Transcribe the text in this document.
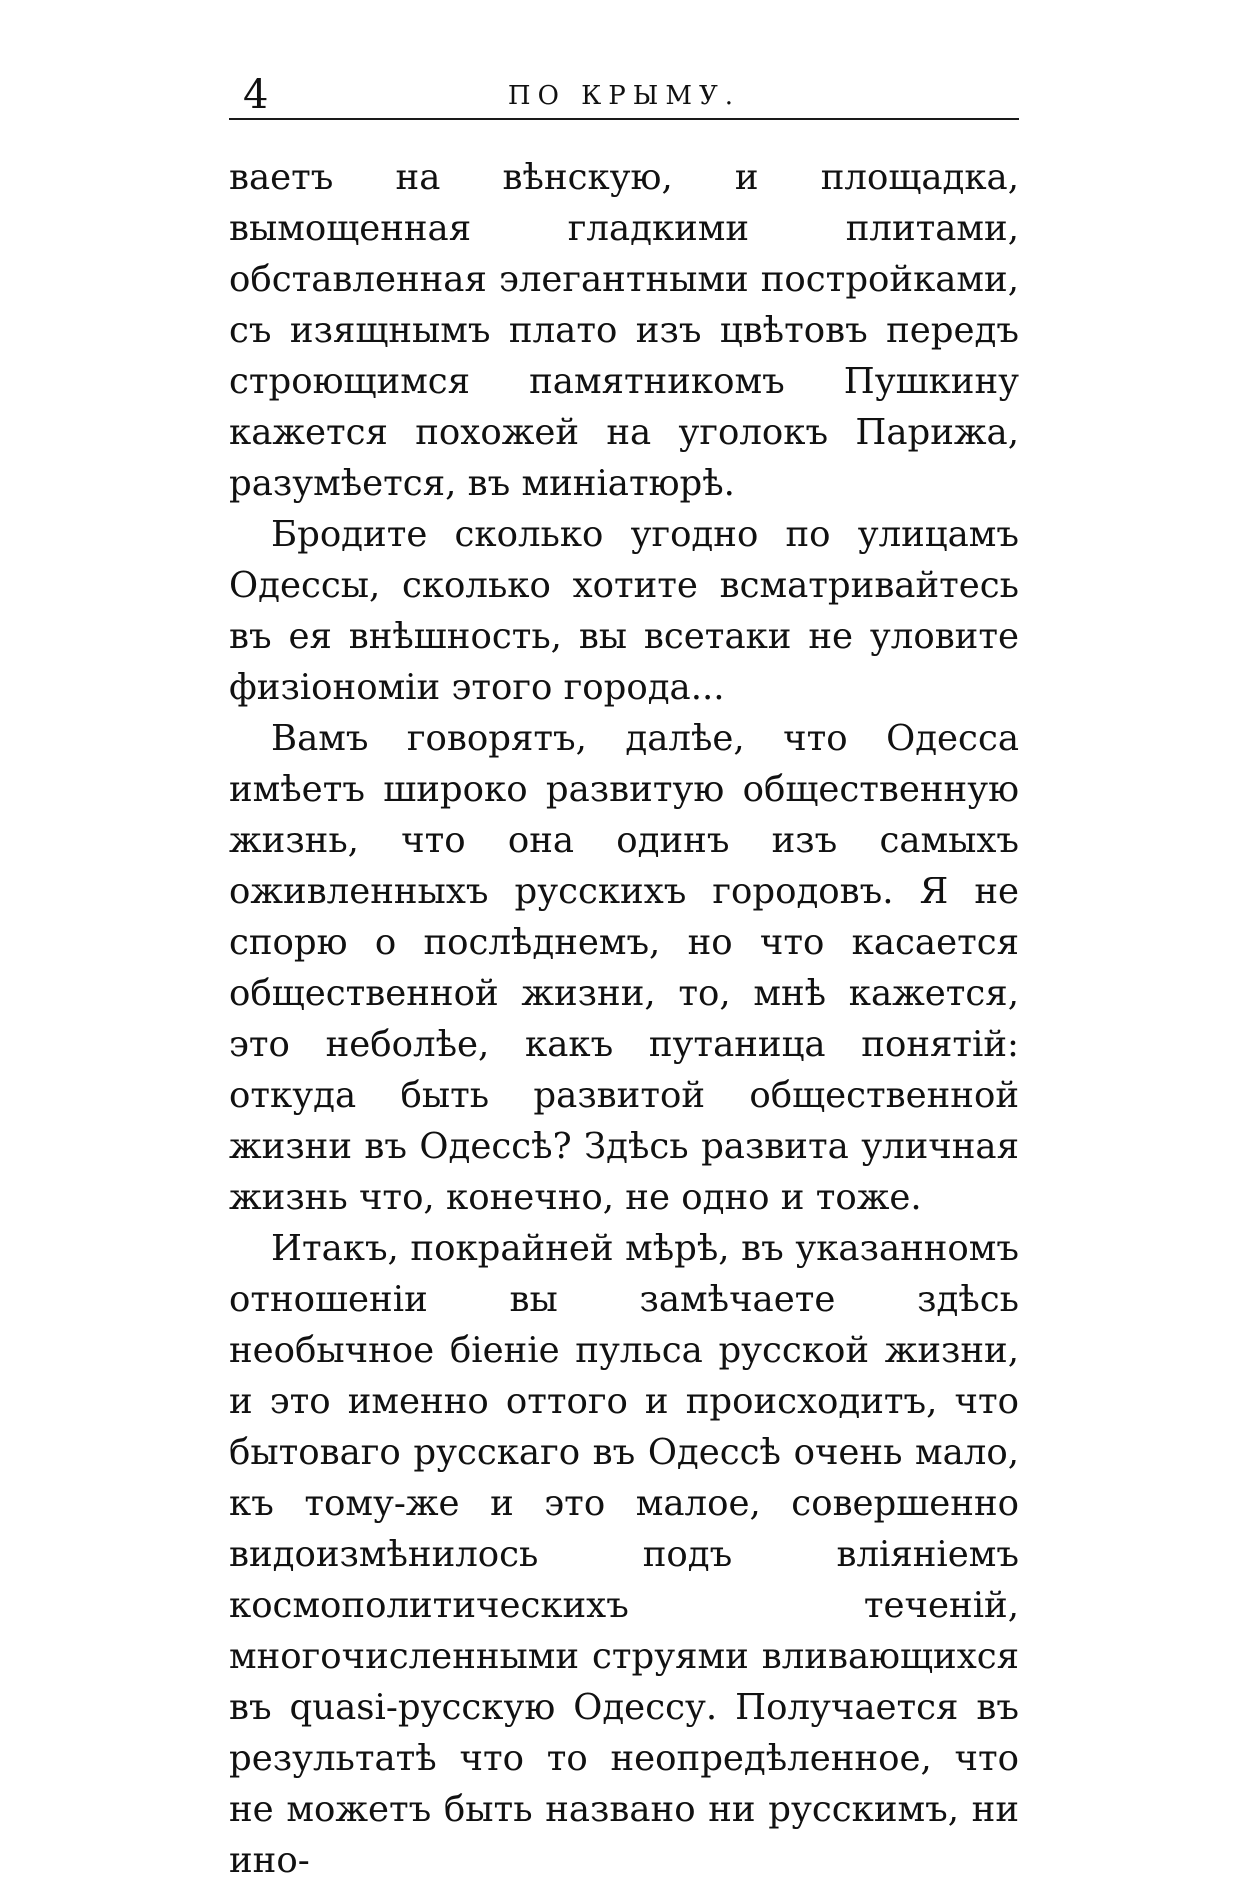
4	ПО КРЫМУ.

ваетъ на вѣнскую, и площадка, вымощенная гладкими плитами, обставленная элегантными постройками, съ изящнымъ плато изъ цвѣтовъ передъ строющимся памятникомъ Пушкину кажется похожей на уголокъ Парижа, разумѣется, въ миніатюрѣ.

Бродите сколько угодно по улицамъ Одессы, сколько хотите всматривайтесь въ ея внѣшность, вы всетаки не уловите физіономіи этого города...

Вамъ говорятъ, далѣе, что Одесса имѣетъ широко развитую общественную жизнь, что она одинъ изъ самыхъ оживленныхъ русскихъ городовъ. Я не спорю о послѣднемъ, но что касается общественной жизни, то, мнѣ кажется, это неболѣе, какъ путаница понятій: откуда быть развитой общественной жизни въ Одессѣ? Здѣсь развита уличная жизнь что, конечно, не одно и тоже.

Итакъ, покрайней мѣрѣ, въ указанномъ отношеніи вы замѣчаете здѣсь необычное біеніе пульса русской жизни, и это именно оттого и происходитъ, что бытоваго русскаго въ Одессѣ очень мало, къ тому-же и это малое, совершенно видоизмѣнилось подъ вліяніемъ космополитическихъ теченій, многочисленными струями вливающихся въ quasi-русскую Одессу. Получается въ результатѣ что то неопредѣленное, что не можетъ быть названо ни русскимъ, ни ино-
